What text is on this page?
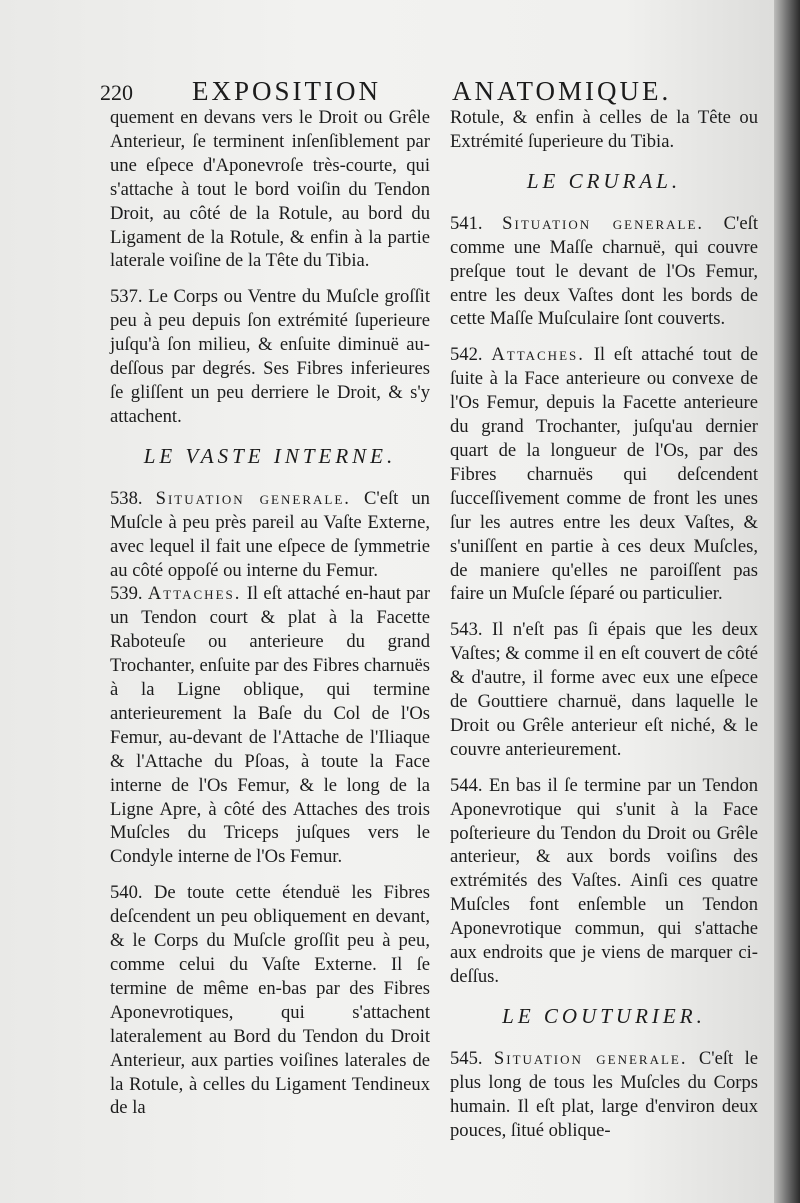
220 EXPOSITION	ANATOMIQUE.

quement en devans vers le Droit ou Grêle Anterieur, ſe terminent inſenſiblement par une eſpece d'Aponevroſe très-courte, qui s'attache à tout le bord voiſin du Tendon Droit, au côté de la Rotule, au bord du Ligament de la Rotule, & enfin à la partie laterale voiſine de la Tête du Tibia.

537. Le Corps ou Ventre du Muſcle groſſit peu à peu depuis ſon extrémité ſuperieure juſqu'à ſon milieu, & enſuite diminuë au-deſſous par degrés. Ses Fibres inferieures ſe gliſſent un peu derriere le Droit, & s'y attachent.

LE VASTE INTERNE.

538. Situation generale. C'eſt un Muſcle à peu près pareil au Vaſte Externe, avec lequel il fait une eſpece de ſymmetrie au côté oppoſé ou interne du Femur.

539. Attaches. Il eſt attaché en-haut par un Tendon court & plat à la Facette Raboteuſe ou anterieure du grand Trochanter, enſuite par des Fibres charnuës à la Ligne oblique, qui termine anterieurement la Baſe du Col de l'Os Femur, au-devant de l'Attache de l'Iliaque & l'Attache du Pſoas, à toute la Face interne de l'Os Femur, & le long de la Ligne Apre, à côté des Attaches des trois Muſcles du Triceps juſques vers le Condyle interne de l'Os Femur.

540. De toute cette étenduë les Fibres deſcendent un peu obliquement en devant, & le Corps du Muſcle groſſit peu à peu, comme celui du Vaſte Externe. Il ſe termine de même en-bas par des Fibres Aponevrotiques, qui s'attachent lateralement au Bord du Tendon du Droit Anterieur, aux parties voiſines laterales de la Rotule, à celles du Ligament Tendineux de la

Rotule, & enfin à celles de la Tête ou Extrémité ſuperieure du Tibia.

LE CRURAL.

541. Situation generale. C'eſt comme une Maſſe charnuë, qui couvre preſque tout le devant de l'Os Femur, entre les deux Vaſtes dont les bords de cette Maſſe Muſculaire ſont couverts.

542. Attaches. Il eſt attaché tout de ſuite à la Face anterieure ou convexe de l'Os Femur, depuis la Facette anterieure du grand Trochanter, juſqu'au dernier quart de la longueur de l'Os, par des Fibres charnuës qui deſcendent ſucceſſivement comme de front les unes ſur les autres entre les deux Vaſtes, & s'uniſſent en partie à ces deux Muſcles, de maniere qu'elles ne paroiſſent pas faire un Muſcle ſéparé ou particulier.

543. Il n'eſt pas ſi épais que les deux Vaſtes; & comme il en eſt couvert de côté & d'autre, il forme avec eux une eſpece de Gouttiere charnuë, dans laquelle le Droit ou Grêle anterieur eſt niché, & le couvre anterieurement.

544. En bas il ſe termine par un Tendon Aponevrotique qui s'unit à la Face poſterieure du Tendon du Droit ou Grêle anterieur, & aux bords voiſins des extrémités des Vaſtes. Ainſi ces quatre Muſcles font enſemble un Tendon Aponevrotique commun, qui s'attache aux endroits que je viens de marquer ci-deſſus.

LE COUTURIER.

545. Situation generale. C'eſt le plus long de tous les Muſcles du Corps humain. Il eſt plat, large d'environ deux pouces, ſitué oblique-
